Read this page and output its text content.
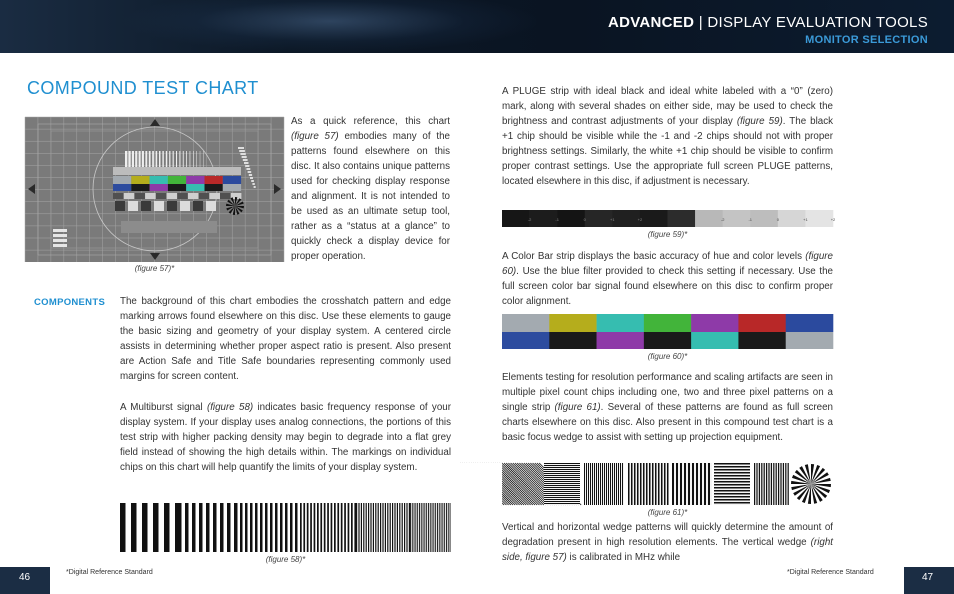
ADVANCED | DISPLAY EVALUATION TOOLS
MONITOR SELECTION
COMPOUND TEST CHART
(figure 57)*
As a quick reference, this chart (figure 57) embodies many of the patterns found elsewhere on this disc. It also contains unique patterns used for checking display response and alignment. It is not intended to be used as an ultimate setup tool, rather as a “status at a glance” to quickly check a display device for proper operation.
COMPONENTS The background of this chart embodies the crosshatch pattern and edge marking arrows found elsewhere on this disc. Use these elements to gauge the basic sizing and geometry of your display system. A centered circle assists in determining whether proper aspect ratio is present. Also present are Action Safe and Title Safe boundaries representing commonly used margins for screen content.
A Multiburst signal (figure 58) indicates basic frequency response of your display system. If your display uses analog connections, the portions of this test strip with higher packing density may begin to degrade into a flat grey field instead of showing the high details within. The markings on individual chips on this chart will help quantify the limits of your display system.
(figure 58)*
46	*Digital Reference Standard
A PLUGE strip with ideal black and ideal white labeled with a “0” (zero) mark, along with several shades on either side, may be used to check the brightness and contrast adjustments of your display (figure 59). The black +1 chip should be visible while the -1 and -2 chips should not with proper brightness settings. Similarly, the white +1 chip should be visible to confirm proper contrast settings. Use the appropriate full screen PLUGE patterns, located elsewhere in this disc, if adjustment is necessary.
-2	-1	0	+1	+2	-2	-1	0	+1	+2
(figure 59)*
A Color Bar strip displays the basic accuracy of hue and color levels (figure 60). Use the blue filter provided to check this setting if necessary. Use the full screen color bar signal found elsewhere on this disc to confirm proper color alignment.
(figure 60)*
Elements testing for resolution performance and scaling artifacts are seen in multiple pixel count chips including one, two and three pixel patterns on a single strip (figure 61). Several of these patterns are found as full screen charts elsewhere on this disc. Also present in this compound test chart is a basic focus wedge to assist with setting up projection equipment.
(figure 61)*
Vertical and horizontal wedge patterns will quickly determine the amount of degradation present in high resolution elements. The vertical wedge (right side, figure 57) is calibrated in MHz while
47
*Digital Reference Standard
